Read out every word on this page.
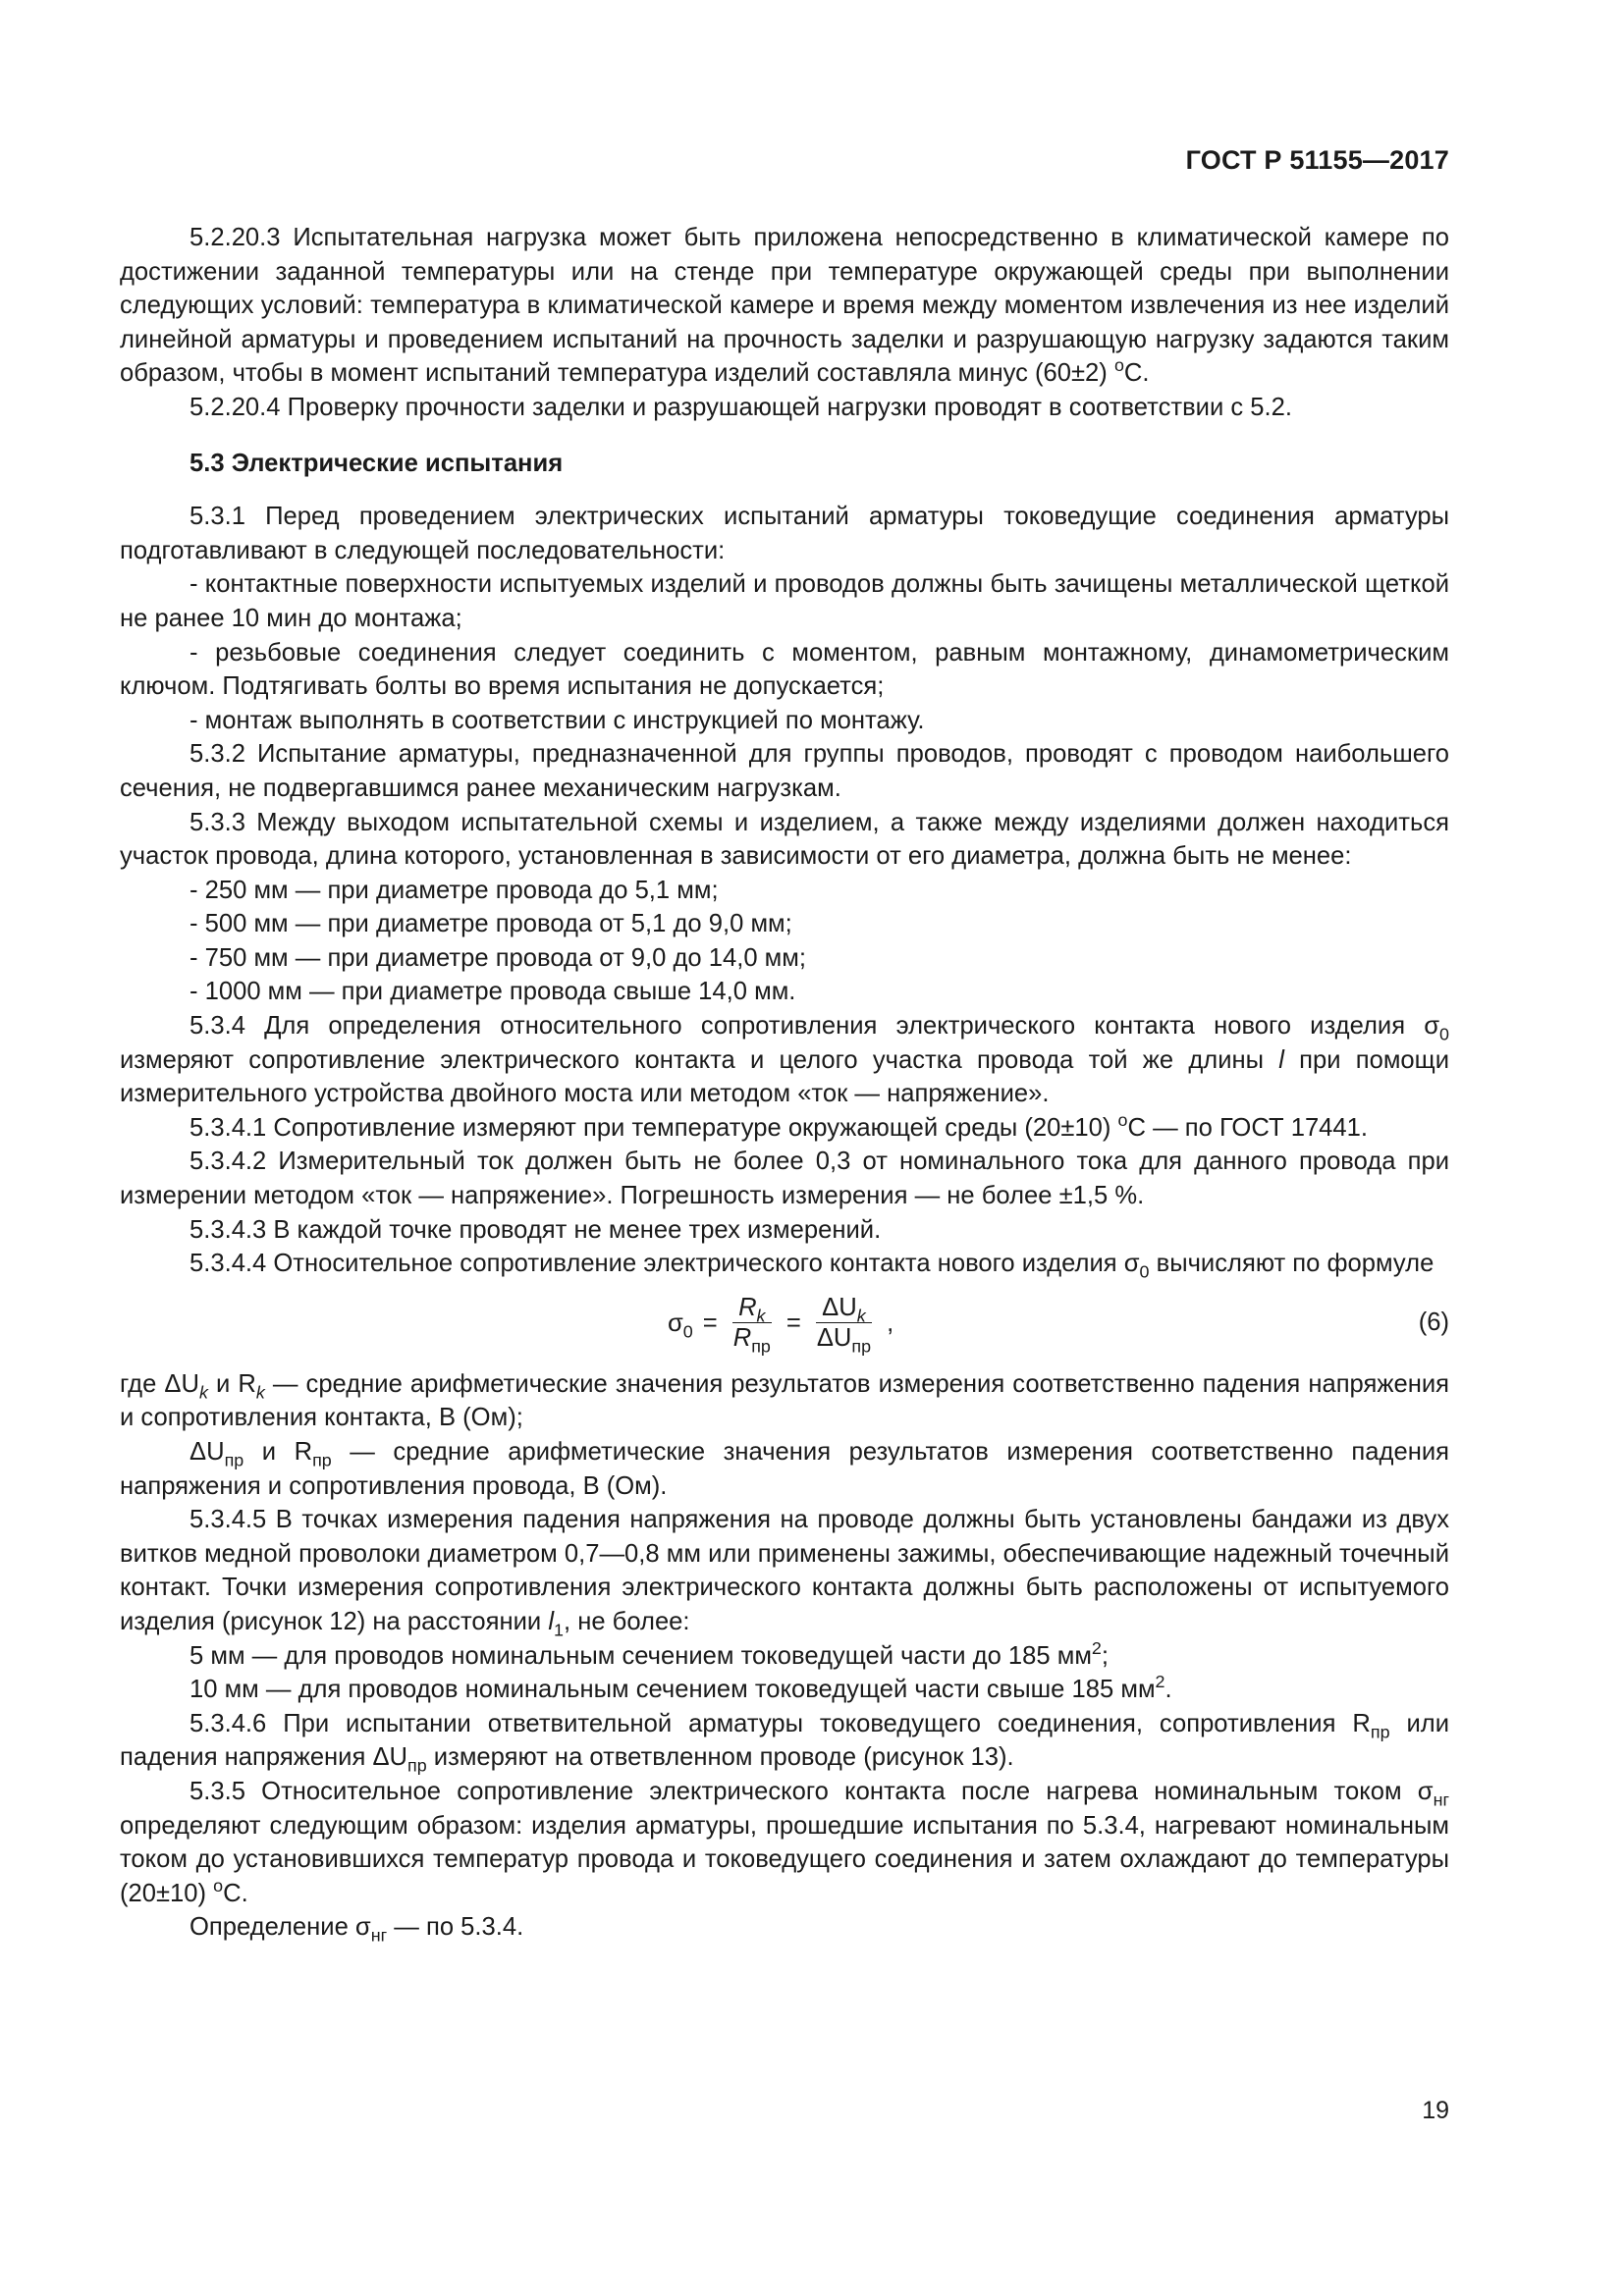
ГОСТ Р 51155—2017

5.2.20.3 Испытательная нагрузка может быть приложена непосредственно в климатической камере по достижении заданной температуры или на стенде при температуре окружающей среды при выполнении следующих условий: температура в климатической камере и время между моментом извлечения из нее изделий линейной арматуры и проведением испытаний на прочность заделки и разрушающую нагрузку задаются таким образом, чтобы в момент испытаний температура изделий составляла минус (60±2) $^о$С.

5.2.20.4 Проверку прочности заделки и разрушающей нагрузки проводят в соответствии с 5.2.

5.3 Электрические испытания

5.3.1 Перед проведением электрических испытаний арматуры токоведущие соединения арматуры подготавливают в следующей последовательности:

- контактные поверхности испытуемых изделий и проводов должны быть зачищены металлической щеткой не ранее 10 мин до монтажа;

- резьбовые соединения следует соединить с моментом, равным монтажному, динамометрическим ключом. Подтягивать болты во время испытания не допускается;

- монтаж выполнять в соответствии с инструкцией по монтажу.

5.3.2 Испытание арматуры, предназначенной для группы проводов, проводят с проводом наибольшего сечения, не подвергавшимся ранее механическим нагрузкам.

5.3.3 Между выходом испытательной схемы и изделием, а также между изделиями должен находиться участок провода, длина которого, установленная в зависимости от его диаметра, должна быть не менее:

- 250 мм — при диаметре провода до 5,1 мм;

- 500 мм — при диаметре провода от 5,1 до 9,0 мм;

- 750 мм — при диаметре провода от 9,0 до 14,0 мм;

- 1000 мм — при диаметре провода свыше 14,0 мм.

5.3.4 Для определения относительного сопротивления электрического контакта нового изделия $\sigma_0$ измеряют сопротивление электрического контакта и целого участка провода той же длины l при помощи измерительного устройства двойного моста или методом «ток — напряжение».

5.3.4.1 Сопротивление измеряют при температуре окружающей среды (20±10) $^о$С — по ГОСТ 17441.

5.3.4.2 Измерительный ток должен быть не более 0,3 от номинального тока для данного провода при измерении методом «ток — напряжение». Погрешность измерения — не более ±1,5 %.

5.3.4.3 В каждой точке проводят не менее трех измерений.

5.3.4.4 Относительное сопротивление электрического контакта нового изделия $\sigma_0$ вычисляют по формуле

$\sigma_0 = \frac{R_k}{R_{пр}} = \frac{\Delta U_k}{\Delta U_{пр}}$ ,	(6)

где $\Delta U_k$ и $R_k$ — средние арифметические значения результатов измерения соответственно падения напряжения и сопротивления контакта, В (Ом);

$\Delta U_{пр}$ и $R_{пр}$ — средние арифметические значения результатов измерения соответственно падения напряжения и сопротивления провода, В (Ом).

5.3.4.5 В точках измерения падения напряжения на проводе должны быть установлены бандажи из двух витков медной проволоки диаметром 0,7—0,8 мм или применены зажимы, обеспечивающие надежный точечный контакт. Точки измерения сопротивления электрического контакта должны быть расположены от испытуемого изделия (рисунок 12) на расстоянии $l_1$, не более:

5 мм — для проводов номинальным сечением токоведущей части до 185 $мм^2$;

10 мм — для проводов номинальным сечением токоведущей части свыше 185 $мм^2$.

5.3.4.6 При испытании ответвительной арматуры токоведущего соединения, сопротивления $R_{пр}$ или падения напряжения $\Delta U_{пр}$ измеряют на ответвленном проводе (рисунок 13).

5.3.5 Относительное сопротивление электрического контакта после нагрева номинальным током $\sigma_{нг}$ определяют следующим образом: изделия арматуры, прошедшие испытания по 5.3.4, нагревают номинальным током до установившихся температур провода и токоведущего соединения и затем охлаждают до температуры (20±10) $^о$С.

Определение $\sigma_{нг}$ — по 5.3.4.

19
